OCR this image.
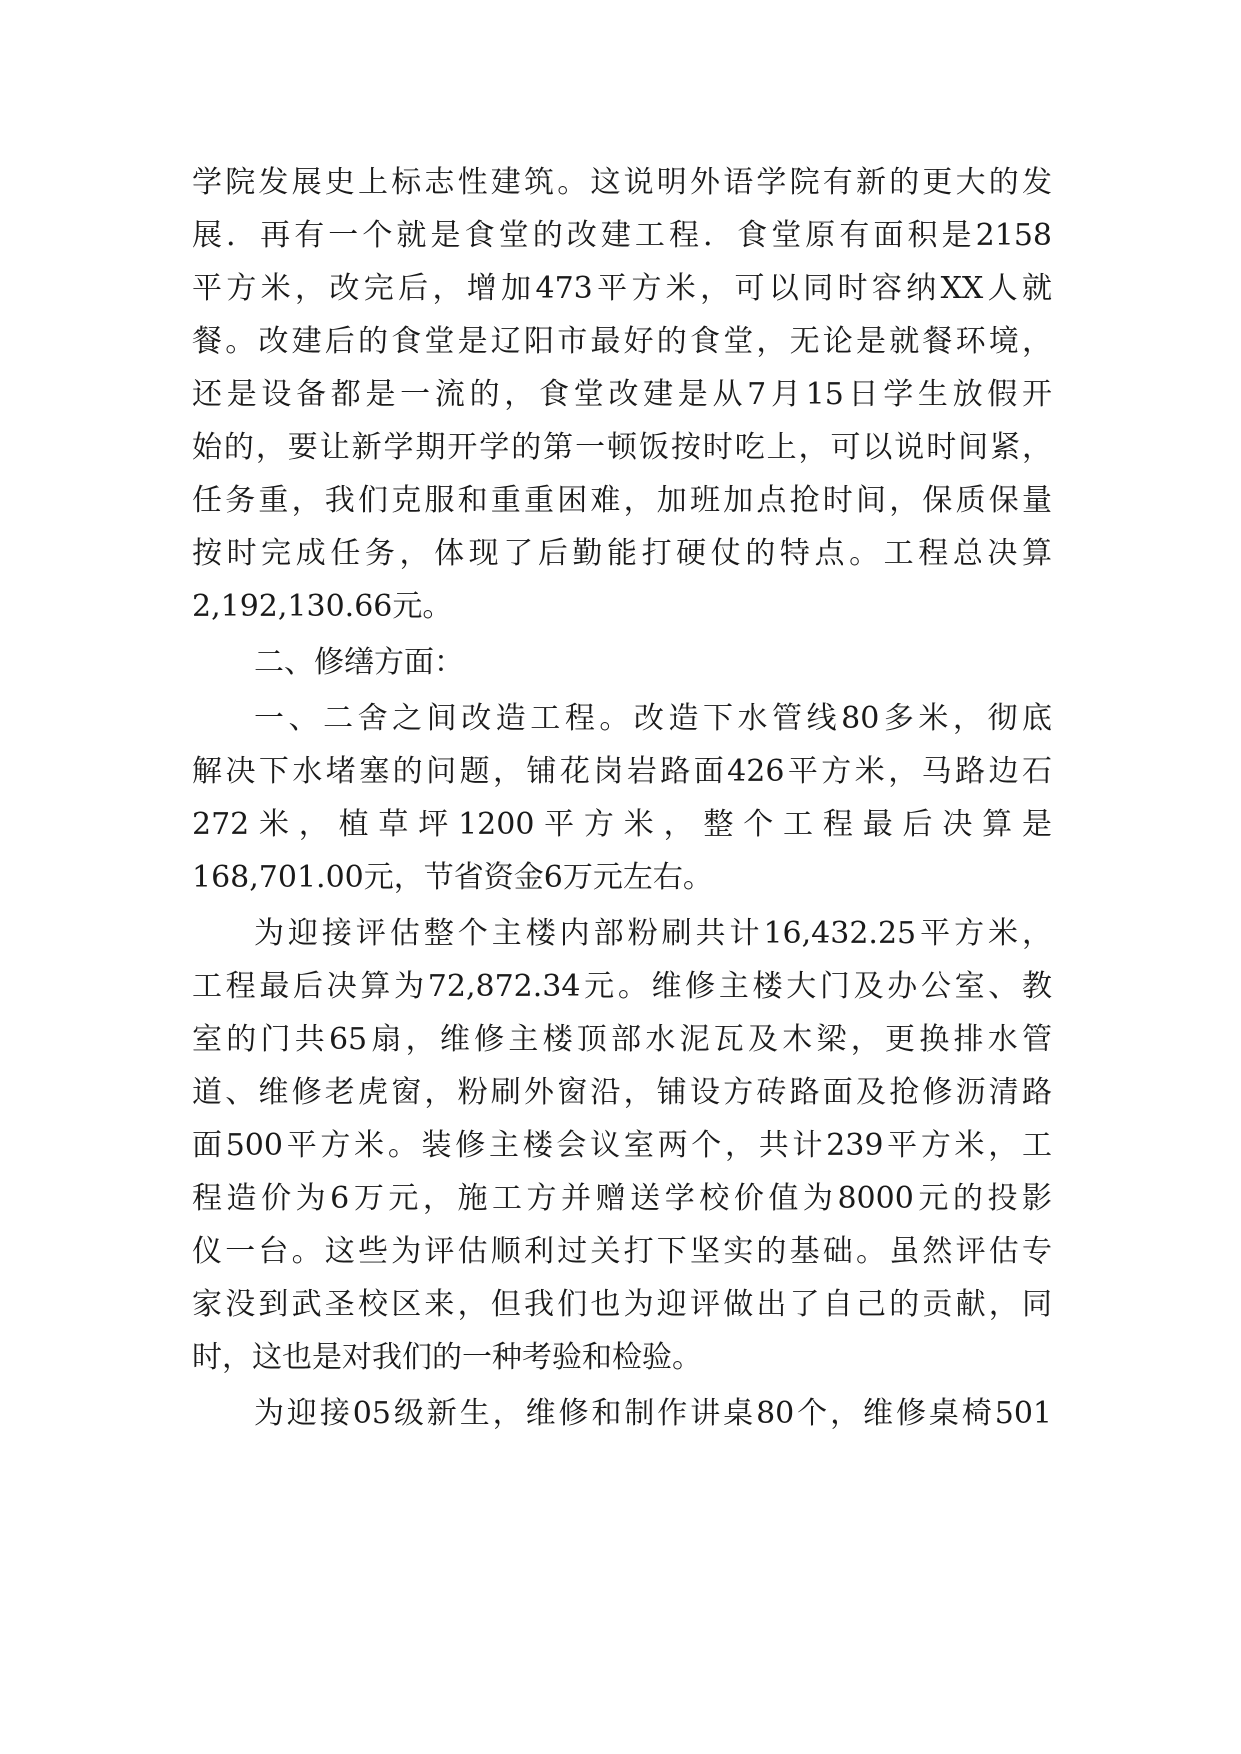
学院发展史上标志性建筑。这说明外语学院有新的更大的发
展．再有一个就是食堂的改建工程．食堂原有面积是2158
平方米，改完后，增加473平方米，可以同时容纳XX人就
餐。改建后的食堂是辽阳市最好的食堂，无论是就餐环境，
还是设备都是一流的，食堂改建是从7月15日学生放假开
始的，要让新学期开学的第一顿饭按时吃上，可以说时间紧，
任务重，我们克服和重重困难，加班加点抢时间，保质保量
按时完成任务，体现了后勤能打硬仗的特点。工程总决算
2,192,130.66元。
二、修缮方面：
一、二舍之间改造工程。改造下水管线80多米，彻底
解决下水堵塞的问题，铺花岗岩路面426平方米，马路边石
272 米 ， 植 草 坪 1200 平 方 米 ， 整 个 工 程 最 后 决 算 是
168,701.00元，节省资金6万元左右。
为迎接评估整个主楼内部粉刷共计16,432.25平方米，
工程最后决算为72,872.34元。维修主楼大门及办公室、教
室的门共65扇，维修主楼顶部水泥瓦及木梁，更换排水管
道、维修老虎窗，粉刷外窗沿，铺设方砖路面及抢修沥清路
面500平方米。装修主楼会议室两个，共计239平方米，工
程造价为6万元，施工方并赠送学校价值为8000元的投影
仪一台。这些为评估顺利过关打下坚实的基础。虽然评估专
家没到武圣校区来，但我们也为迎评做出了自己的贡献，同
时，这也是对我们的一种考验和检验。
为迎接05级新生，维修和制作讲桌80个，维修桌椅501
